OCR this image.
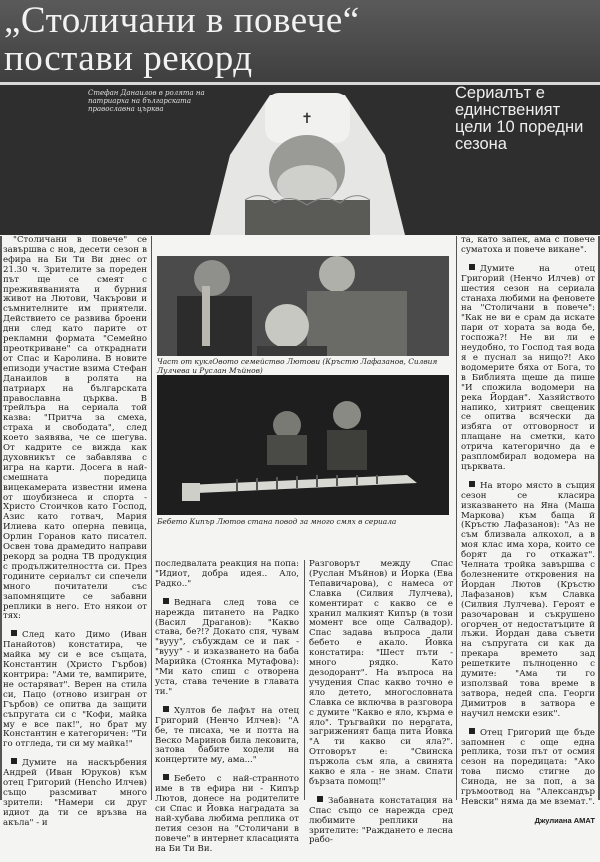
„Столичани в повече“
постави рекорд
Стефан Данаилов в ролята на патриарха на българската православна църква
✝
Сериалът е единственият цели 10 поредни сезона

"Столичани в повече" се завършва с нов, десети сезон в ефира на Би Ти Ви днес от 21.30 ч. Зрителите за пореден път ще се смеят с преживяванията и бурния живот на Лютови, Чакърови и съмнителните им приятели. Действието се развива броени дни след като парите от рекламни формата "Семейно преоткриване" са откраднати от Спас и Каролина. В новите епизоди участие взима Стефан Данаилов в ролята на патриарх на българската православна църква. В трейлъра на сериала той казва: "Притча за смеха, страха и свободата", след което заявява, че се шегува. От кадрите се вижда как духовникът се забавлява с игра на карти. Досега в най-смешната поредица вицекамерата известни имена от шоубизнеса и спорта - Христо Стоичков като Господ, Азис като готвач, Мария Илиева като оперна певица, Орлин Горанов като писател. Освен това драмедито направи рекорд за родна ТВ продукция с продължителността си. През годините сериалът си спечели много почитатели със запомнящите се забавни реплики в него. Ето някои от тях:

След като Димо (Иван Панайотов) констатира, че майка му си е все същата, Константин (Христо Гърбов) контрира: "Ами те, вампирите, не остаряват". Верен на стила си, Пацо (отново изигран от Гърбов) се опитва да защити съпругата си с "Кофи, майка му е все пак!", но брат му Константин е категоричен: "Ти го отгледа, ти си му майка!"

Думите на наскърбения Андрей (Иван Юруков) към отец Григорий (Нencho Илчев) също разсмиват много зрители: "Намери си друг идиот да ти се връзва на акъла" - и

Част от куклОвото семейство Лютови (Кръстю Лафазанов, Силвия Лулчева и Руслан Мъйнов)
Бебето Кипър Лютов стана повод за много смях в сериала

последвалата реакция на попа: "Идиот, добра идея.. Ало, Радко.."

Веднага след това се нарежда питането на Радко (Васил Драганов): "Какво става, бе?!? Докато спя, чувам "вууу", събуждам се и пак - "вууу" - и изказването на баба Марийка (Стоянка Мутафова): "Ми като спиш с отворена уста, става течение в главата ти."

Хултов бе лафът на отец Григорий (Ненчо Илчев): "А бе, те писаха, че и потта на Веско Маринов била лековита, затова бабите ходели на концертите му, ама..."

Бебето с най-странното име в тв ефира ни - Кипър Лютов, донесе на родителите си Спас и Йовка наградата за най-хубава любима реплика от петия сезон на "Столичани в повече" в интернет класацията на Би Ти Ви.

Разговорът между Спас (Руслан Мъйнов) и Йорка (Ева Тепавичарова), с намеса от Славка (Силвия Лулчева), коментират с какво се е хранил малкият Кипър (в този момент все още Салвадор). Спас задава въпроса дали бебето е акало. Йовка констатира: "Шест пъти - много рядко. Като дезодорант". На въпроса на учудения Спас какво точно е яло детето, многословната Славка се включва в разговора с думите "Какво е яло, кърма е яло". Тръгвайки по нерагата, загриженият баща пита Йовка "А ти какво си яла?". Отговорът е: "Свинска пържола съм яла, а свинята какво е яла - не знам. Спати бързата помощ!"

Забавната констатация на Спас също се нарежда сред любимите реплики на зрителите: "Раждането е лесна рабо-

та, като запек, ама с повече суматоха и повече викане".

Думите на отец Григорий (Ненчо Илчев) от шестия сезон на сериала станаха любими на феновете на "Столичани в повече": "Как не ви е срам да искате пари от хората за вода бе, госпожа?! Не ви ли е неудобно, то Господ тая вода я е пуснал за нищо?! Ако водомерите бяха от Бога, то в Библията щеше да пише "И спожила водомери на река Йордан". Хазяйството напико, хитрият свещеник се опитва всячески да избяга от отговорност и плащане на сметки, като отрича категорично да е разпломбирал водомера на църквата.

На второ място в същия сезон се класира изказването на Яна (Маша Маркова) към баща й (Кръстю Лафазанов): "Аз не съм близвала алкохол, а в моя клас има хора, които се борят да го откажат". Челната тройка завършва с болезнените откровения на Йордан Лютов (Кръстю Лафазанов) към Славка (Силвия Лулчева). Героят е разочарован и съкрушено огорчен от недостатъците й лъжи. Йордан дава съвети на съпругата си как да прекара времето зад решетките пълноценно с думите: "Ама ти го използвай това време в затвора, недей спа. Георги Димитров в затвора е научил немски език".

Отец Григорий ще бъде запомнен с още една реплика, този път от осмия сезон на поредицата: "Ако това писмо стигне до Синода, не за поп, а за гръмоотвод на "Александър Невски" няма да ме вземат.".

Джулиана АМАТ
